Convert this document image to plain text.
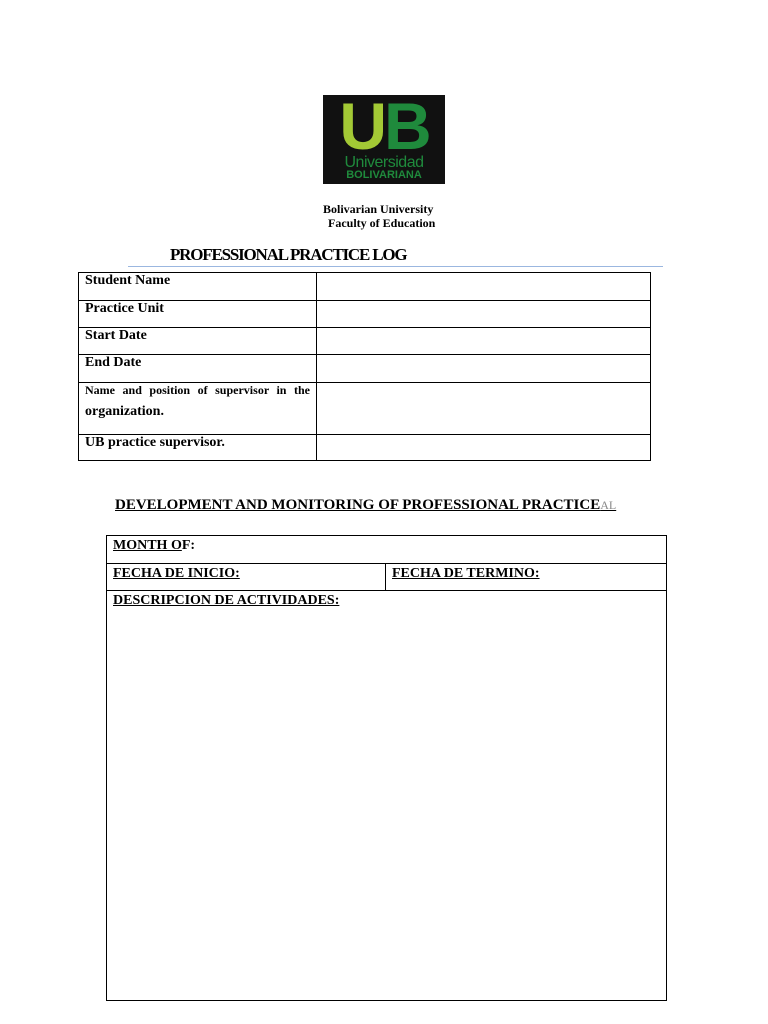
U B
Universidad
BOLIVARIANA
Bolivarian University
Faculty of Education
PROFESSIONAL PRACTICE LOG
Student Name	
Practice Unit	
Start Date	
End Date	

Name and position of supervisor in the
organization.	

UB practice supervisor.	
DEVELOPMENT AND MONITORING OF PROFESSIONAL PRACTICEAL
MONTH OF:
FECHA DE INICIO:	FECHA DE TERMINO:
DESCRIPCION DE ACTIVIDADES:
